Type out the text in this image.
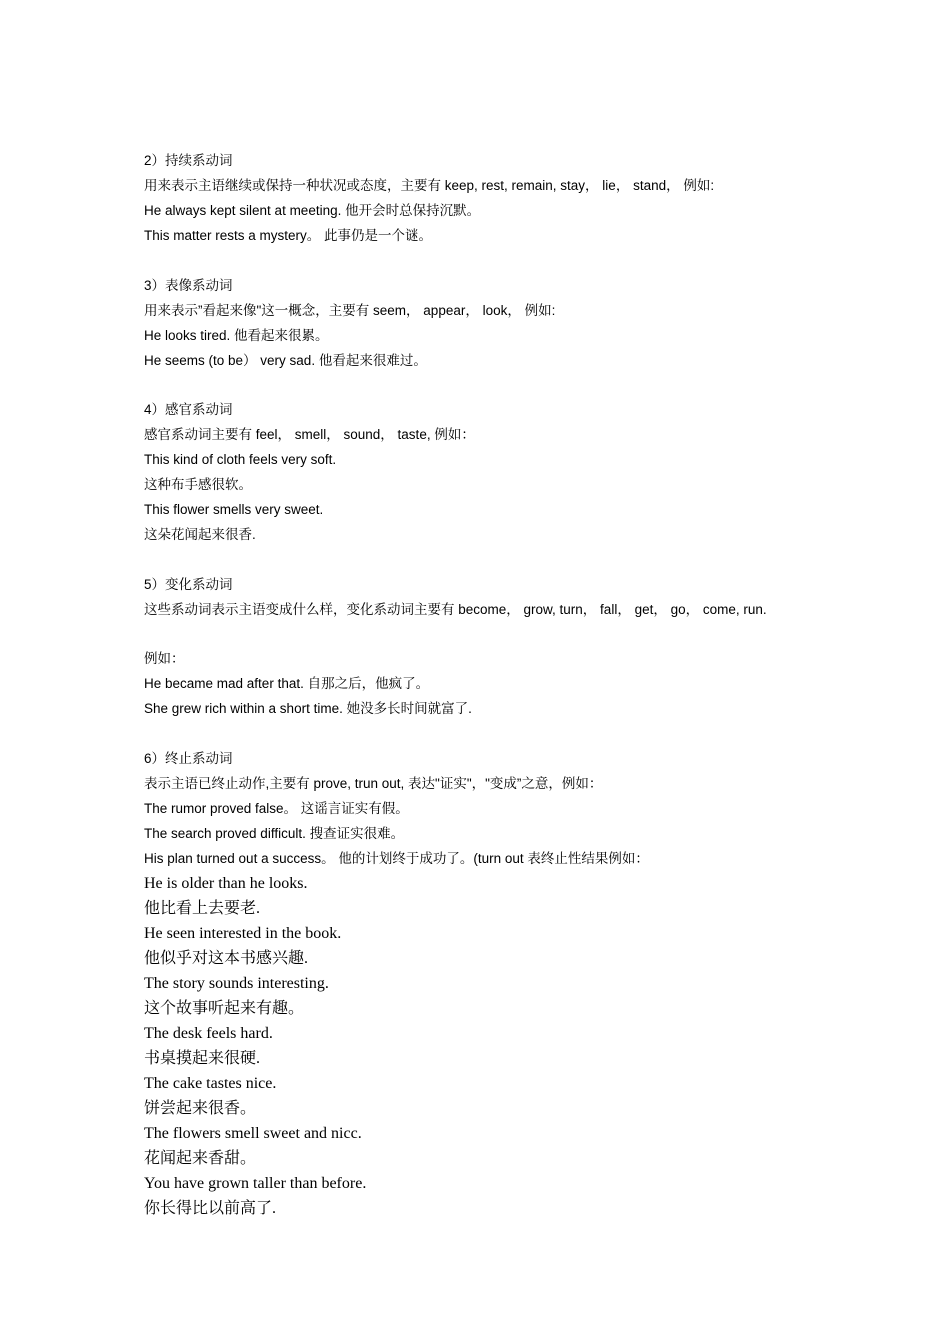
2）持续系动词
用来表示主语继续或保持一种状况或态度，主要有 keep, rest, remain, stay， lie， stand， 例如:
He always kept silent at meeting. 他开会时总保持沉默。
This matter rests a mystery。 此事仍是一个谜。
3）表像系动词
用来表示”看起来像"这一概念，主要有 seem， appear， look， 例如:
He looks tired. 他看起来很累。
He seems (to be） very sad. 他看起来很难过。
4）感官系动词
感官系动词主要有 feel， smell， sound， taste, 例如：
This kind of cloth feels very soft.
这种布手感很软。
This flower smells very sweet.
这朵花闻起来很香.
5）变化系动词
这些系动词表示主语变成什么样，变化系动词主要有 become， grow, turn， fall， get， go， come, run.
例如：
He became mad after that. 自那之后，他疯了。
She grew rich within a short time. 她没多长时间就富了.
6）终止系动词
表示主语已终止动作,主要有 prove, trun out, 表达"证实"，"变成”之意，例如：
The rumor proved false。 这谣言证实有假。
The search proved difficult. 搜查证实很难。
His plan turned out a success。 他的计划终于成功了。(turn out 表终止性结果例如：
He is older than he looks.
他比看上去要老.
He seen interested in the book.
他似乎对这本书感兴趣.
The story sounds interesting.
这个故事听起来有趣。
The desk feels hard.
书桌摸起来很硬.
The cake tastes nice.
饼尝起来很香。
The flowers smell sweet and nicc.
花闻起来香甜。
You have grown taller than before.
你长得比以前高了.
